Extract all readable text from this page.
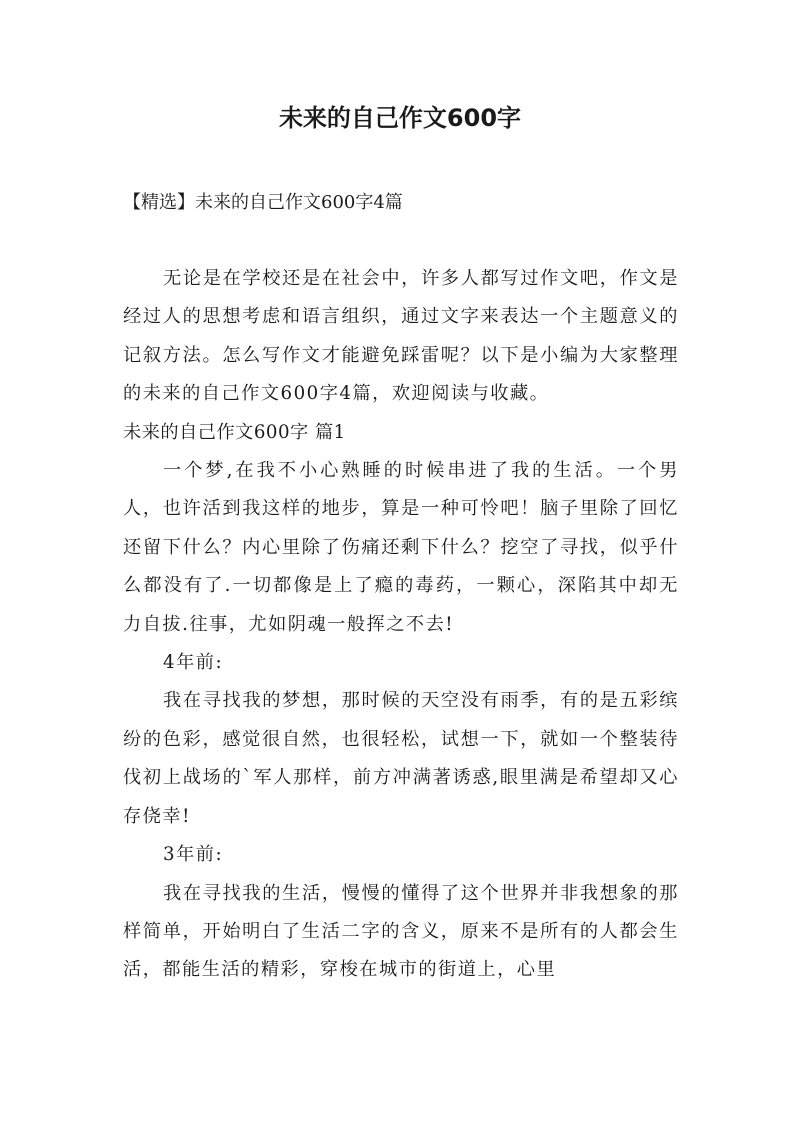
未来的自己作文600字

【精选】未来的自己作文600字4篇

无论是在学校还是在社会中，许多人都写过作文吧，作文是经过人的思想考虑和语言组织，通过文字来表达一个主题意义的记叙方法。怎么写作文才能避免踩雷呢？以下是小编为大家整理的未来的自己作文600字4篇，欢迎阅读与收藏。

未来的自己作文600字 篇1

一个梦,在我不小心熟睡的时候串进了我的生活。一个男人，也许活到我这样的地步，算是一种可怜吧！脑子里除了回忆还留下什么？内心里除了伤痛还剩下什么？挖空了寻找，似乎什么都没有了.一切都像是上了瘾的毒药，一颗心，深陷其中却无力自拔.往事，尤如阴魂一般挥之不去!

4年前:

我在寻找我的梦想，那时候的天空没有雨季，有的是五彩缤纷的色彩，感觉很自然，也很轻松，试想一下，就如一个整装待伐初上战场的`军人那样，前方冲满著诱惑,眼里满是希望却又心存侥幸!

3年前:

我在寻找我的生活，慢慢的懂得了这个世界并非我想象的那样简单，开始明白了生活二字的含义，原来不是所有的人都会生活，都能生活的精彩，穿梭在城市的街道上，心里
